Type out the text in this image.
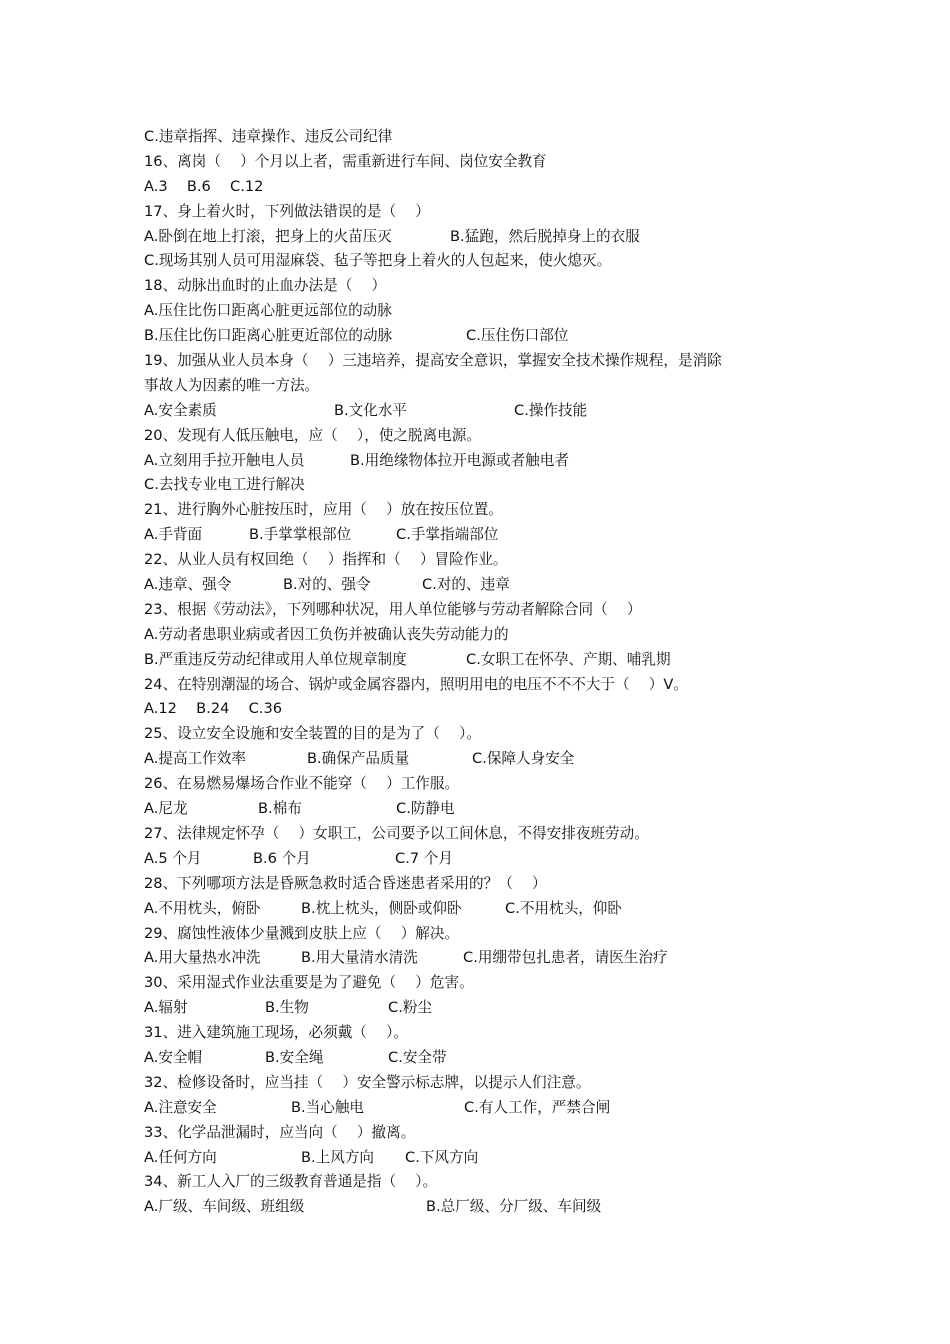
C.违章指挥、违章操作、违反公司纪律
16、离岗（　 ）个月以上者，需重新进行车间、岗位安全教育
A.3　 B.6　 C.12
17、身上着火时，下列做法错误的是（　 ）
A.卧倒在地上打滚，把身上的火苗压灭	B.猛跑，然后脱掉身上的衣服
C.现场其别人员可用湿麻袋、毡子等把身上着火的人包起来，使火熄灭。
18、动脉出血时的止血办法是（　 ）
A.压住比伤口距离心脏更远部位的动脉
B.压住比伤口距离心脏更近部位的动脉	C.压住伤口部位
19、加强从业人员本身（　 ）三违培养，提高安全意识，掌握安全技术操作规程，是消除
事故人为因素的唯一方法。
A.安全素质	B.文化水平	C.操作技能
20、发现有人低压触电，应（　 ），使之脱离电源。
A.立刻用手拉开触电人员	B.用绝缘物体拉开电源或者触电者
C.去找专业电工进行解决
21、进行胸外心脏按压时，应用（　 ）放在按压位置。
A.手背面	B.手掌掌根部位	C.手掌指端部位
22、从业人员有权回绝（　 ）指挥和（　 ）冒险作业。
A.违章、强令	B.对的、强令	C.对的、违章
23、根据《劳动法》，下列哪种状况，用人单位能够与劳动者解除合同（　 ）
A.劳动者患职业病或者因工负伤并被确认丧失劳动能力的
B.严重违反劳动纪律或用人单位规章制度	C.女职工在怀孕、产期、哺乳期
24、在特别潮湿的场合、锅炉或金属容器内，照明用电的电压不不不大于（　 ）V。
A.12　 B.24　 C.36
25、设立安全设施和安全装置的目的是为了（　 ）。
A.提高工作效率	B.确保产品质量	C.保障人身安全
26、在易燃易爆场合作业不能穿（　 ）工作服。
A.尼龙	B.棉布	C.防静电
27、法律规定怀孕（　 ）女职工，公司要予以工间休息，不得安排夜班劳动。
A.5 个月	B.6 个月	C.7 个月
28、下列哪项方法是昏厥急救时适合昏迷患者采用的？（　 ）
A.不用枕头，俯卧	B.枕上枕头，侧卧或仰卧	C.不用枕头，仰卧
29、腐蚀性液体少量溅到皮肤上应（　 ）解决。
A.用大量热水冲洗	B.用大量清水清洗	C.用绷带包扎患者，请医生治疗
30、采用湿式作业法重要是为了避免（　 ）危害。
A.辐射	B.生物	C.粉尘
31、进入建筑施工现场，必须戴（　 ）。
A.安全帽	B.安全绳	C.安全带
32、检修设备时，应当挂（　 ）安全警示标志牌，以提示人们注意。
A.注意安全	B.当心触电	C.有人工作，严禁合闸
33、化学品泄漏时，应当向（　 ）撤离。
A.任何方向	B.上风方向 C.下风方向
34、新工人入厂的三级教育普通是指（　 ）。
A.厂级、车间级、班组级	B.总厂级、分厂级、车间级
